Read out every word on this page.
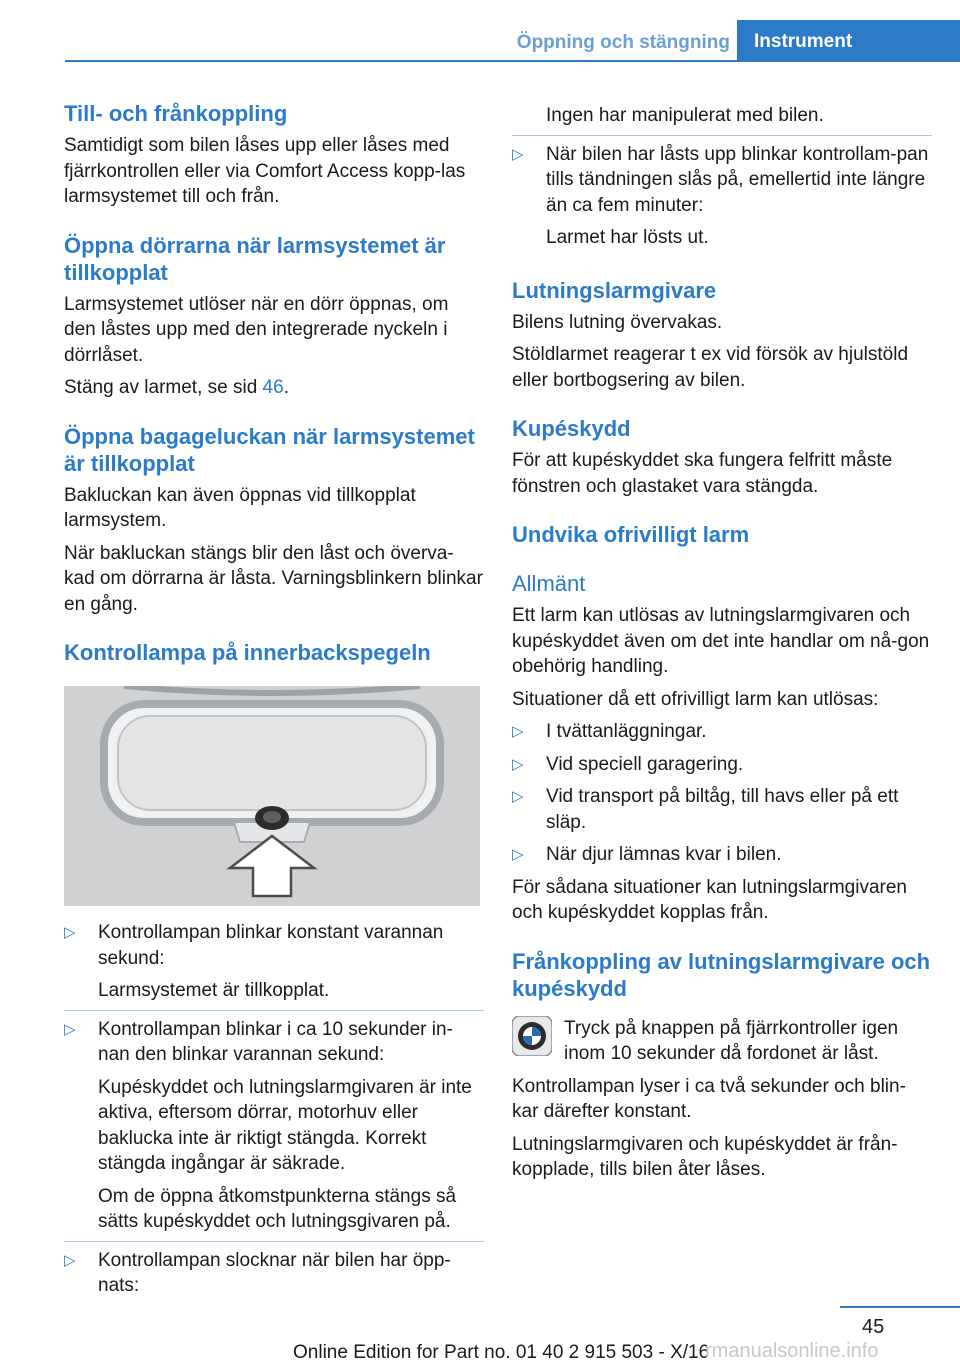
Öppning och stängning	Instrument
Till- och frånkoppling

Samtidigt som bilen låses upp eller låses med fjärrkontrollen eller via Comfort Access kopp-las larmsystemet till och från.

Öppna dörrarna när larmsystemet är tillkopplat

Larmsystemet utlöser när en dörr öppnas, om den låstes upp med den integrerade nyckeln i dörrlåset.

Stäng av larmet, se sid 46.

Öppna bagageluckan när larmsystemet är tillkopplat

Bakluckan kan även öppnas vid tillkopplat larmsystem.

När bakluckan stängs blir den låst och överva-kad om dörrarna är låsta. Varningsblinkern blinkar en gång.

Kontrollampa på innerbackspegeln
▷ Kontrollampan blinkar konstant varannan sekund:
Larmsystemet är tillkopplat.
▷ Kontrollampan blinkar i ca 10 sekunder in-nan den blinkar varannan sekund:
Kupéskyddet och lutningslarmgivaren är inte aktiva, eftersom dörrar, motorhuv eller baklucka inte är riktigt stängda. Korrekt stängda ingångar är säkrade.
Om de öppna åtkomstpunkterna stängs så sätts kupéskyddet och lutningsgivaren på.
▷ Kontrollampan slocknar när bilen har öpp-nats:
Ingen har manipulerat med bilen.
▷ När bilen har låsts upp blinkar kontrollam-pan tills tändningen slås på, emellertid inte längre än ca fem minuter:
Larmet har lösts ut.
Lutningslarmgivare

Bilens lutning övervakas.

Stöldlarmet reagerar t ex vid försök av hjulstöld eller bortbogsering av bilen.

Kupéskydd

För att kupéskyddet ska fungera felfritt måste fönstren och glastaket vara stängda.

Undvika ofrivilligt larm
Allmänt

Ett larm kan utlösas av lutningslarmgivaren och kupéskyddet även om det inte handlar om nå-gon obehörig handling.

Situationer då ett ofrivilligt larm kan utlösas:

▷ I tvättanläggningar.
▷ Vid speciell garagering.
▷ Vid transport på biltåg, till havs eller på ett släp.
▷ När djur lämnas kvar i bilen.

För sådana situationer kan lutningslarmgivaren och kupéskyddet kopplas från.

Frånkoppling av lutningslarmgivare och kupéskydd

Tryck på knappen på fjärrkontroller igen inom 10 sekunder då fordonet är låst.

Kontrollampan lyser i ca två sekunder och blin-kar därefter konstant.

Lutningslarmgivaren och kupéskyddet är från-kopplade, tills bilen åter låses.

45
Online Edition for Part no. 01 40 2 915 503 - X/16
rmanualsonline.info
